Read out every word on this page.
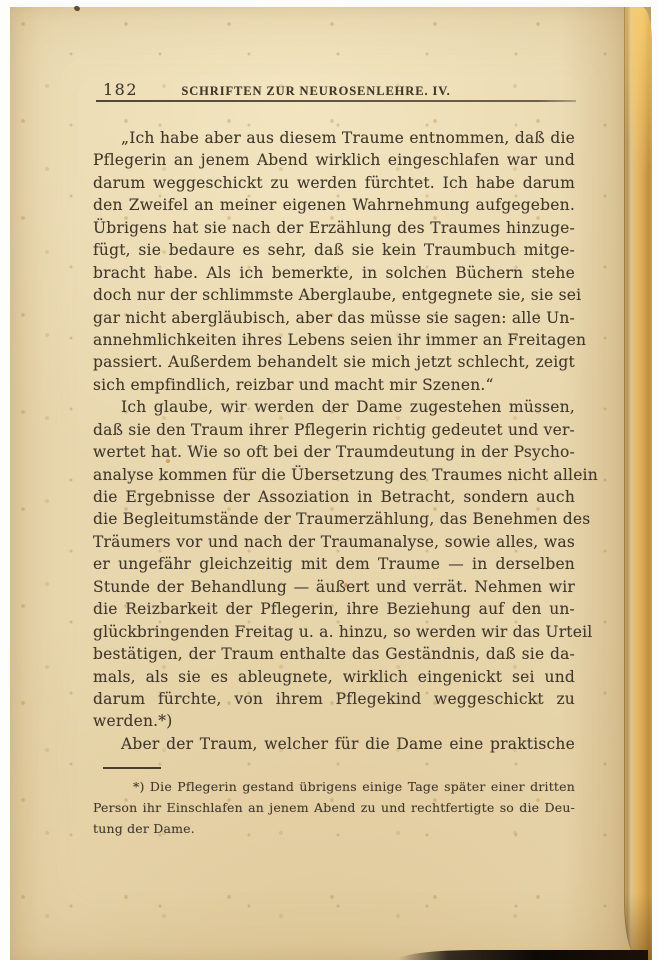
182	SCHRIFTEN ZUR NEUROSENLEHRE. IV.
„Ich habe aber aus diesem Traume entnommen, daß die
Pflegerin an jenem Abend wirklich eingeschlafen war und
darum weggeschickt zu werden fürchtet. Ich habe darum
den Zweifel an meiner eigenen Wahrnehmung aufgegeben.
Übrigens hat sie nach der Erzählung des Traumes hinzuge-
fügt, sie bedaure es sehr, daß sie kein Traumbuch mitge-
bracht habe. Als ich bemerkte, in solchen Büchern stehe
doch nur der schlimmste Aberglaube, entgegnete sie, sie sei
gar nicht abergläubisch, aber das müsse sie sagen: alle Un-
annehmlichkeiten ihres Lebens seien ihr immer an Freitagen
passiert. Außerdem behandelt sie mich jetzt schlecht, zeigt
sich empfindlich, reizbar und macht mir Szenen.“
Ich glaube, wir werden der Dame zugestehen müssen,
daß sie den Traum ihrer Pflegerin richtig gedeutet und ver-
wertet hat. Wie so oft bei der Traumdeutung in der Psycho-
analyse kommen für die Übersetzung des Traumes nicht allein
die Ergebnisse der Assoziation in Betracht, sondern auch
die Begleitumstände der Traumerzählung, das Benehmen des
Träumers vor und nach der Traumanalyse, sowie alles, was
er ungefähr gleichzeitig mit dem Traume — in derselben
Stunde der Behandlung — äußert und verrät. Nehmen wir
die Reizbarkeit der Pflegerin, ihre Beziehung auf den un-
glückbringenden Freitag u. a. hinzu, so werden wir das Urteil
bestätigen, der Traum enthalte das Geständnis, daß sie da-
mals, als sie es ableugnete, wirklich eingenickt sei und
darum fürchte, von ihrem Pflegekind weggeschickt zu
werden.*)
Aber der Traum, welcher für die Dame eine praktische
*) Die Pflegerin gestand übrigens einige Tage später einer dritten
Person ihr Einschlafen an jenem Abend zu und rechtfertigte so die Deu-
tung der Dame.
